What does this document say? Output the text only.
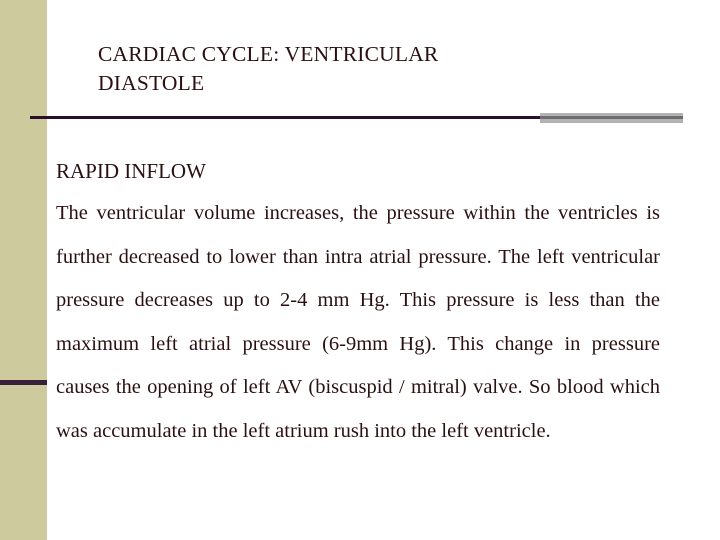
CARDIAC CYCLE: VENTRICULAR DIASTOLE
RAPID INFLOW

The ventricular volume increases, the pressure within the ventricles is further decreased to lower than intra atrial pressure. The left ventricular pressure decreases up to 2-4 mm Hg. This pressure is less than the maximum left atrial pressure (6-9mm Hg). This change in pressure causes the opening of left AV (biscuspid / mitral) valve. So blood which was accumulate in the left atrium rush into the left ventricle.
